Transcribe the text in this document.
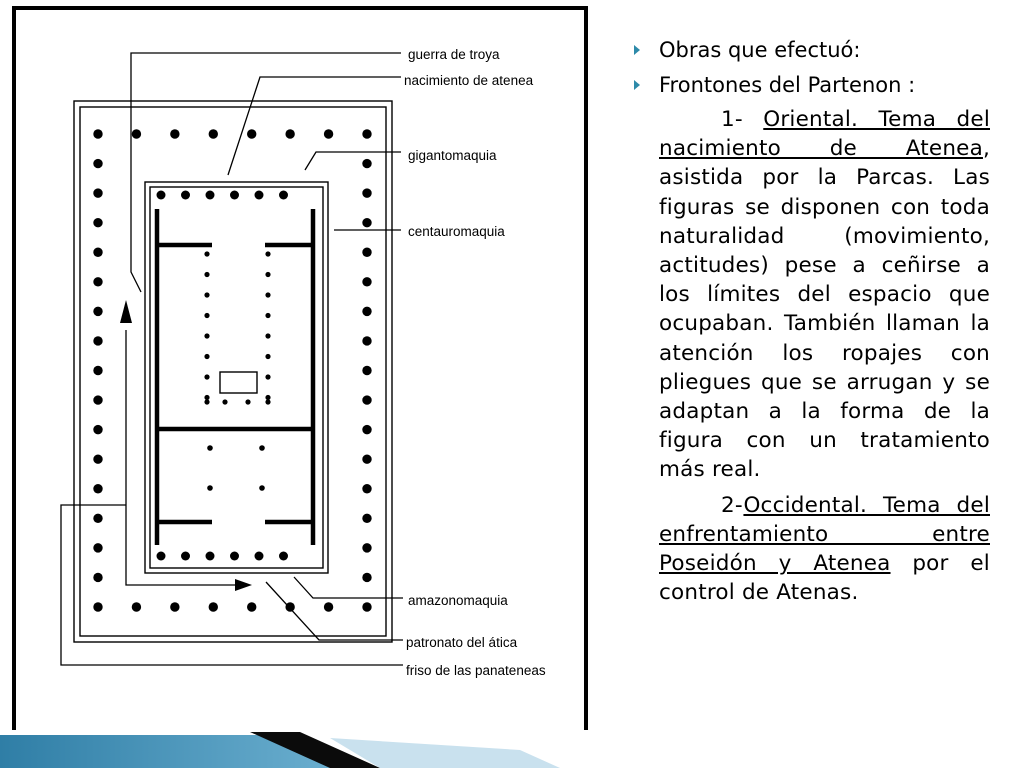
guerra de troya
nacimiento de atenea
gigantomaquia
centauromaquia
amazonomaquia
patronato del ática
friso de las panateneas
Obras que efectuó:
Frontones del Partenon :

1- Oriental. Tema del nacimiento de Atenea, asistida por la Parcas. Las figuras se disponen con toda naturalidad (movimiento, actitudes) pese a ceñirse a los límites del espacio que ocupaban. También llaman la atención los ropajes con pliegues que se arrugan y se adaptan a la forma de la figura con un tratamiento más real.

2-Occidental. Tema del enfrentamiento entre Poseidón y Atenea por el control de Atenas.
